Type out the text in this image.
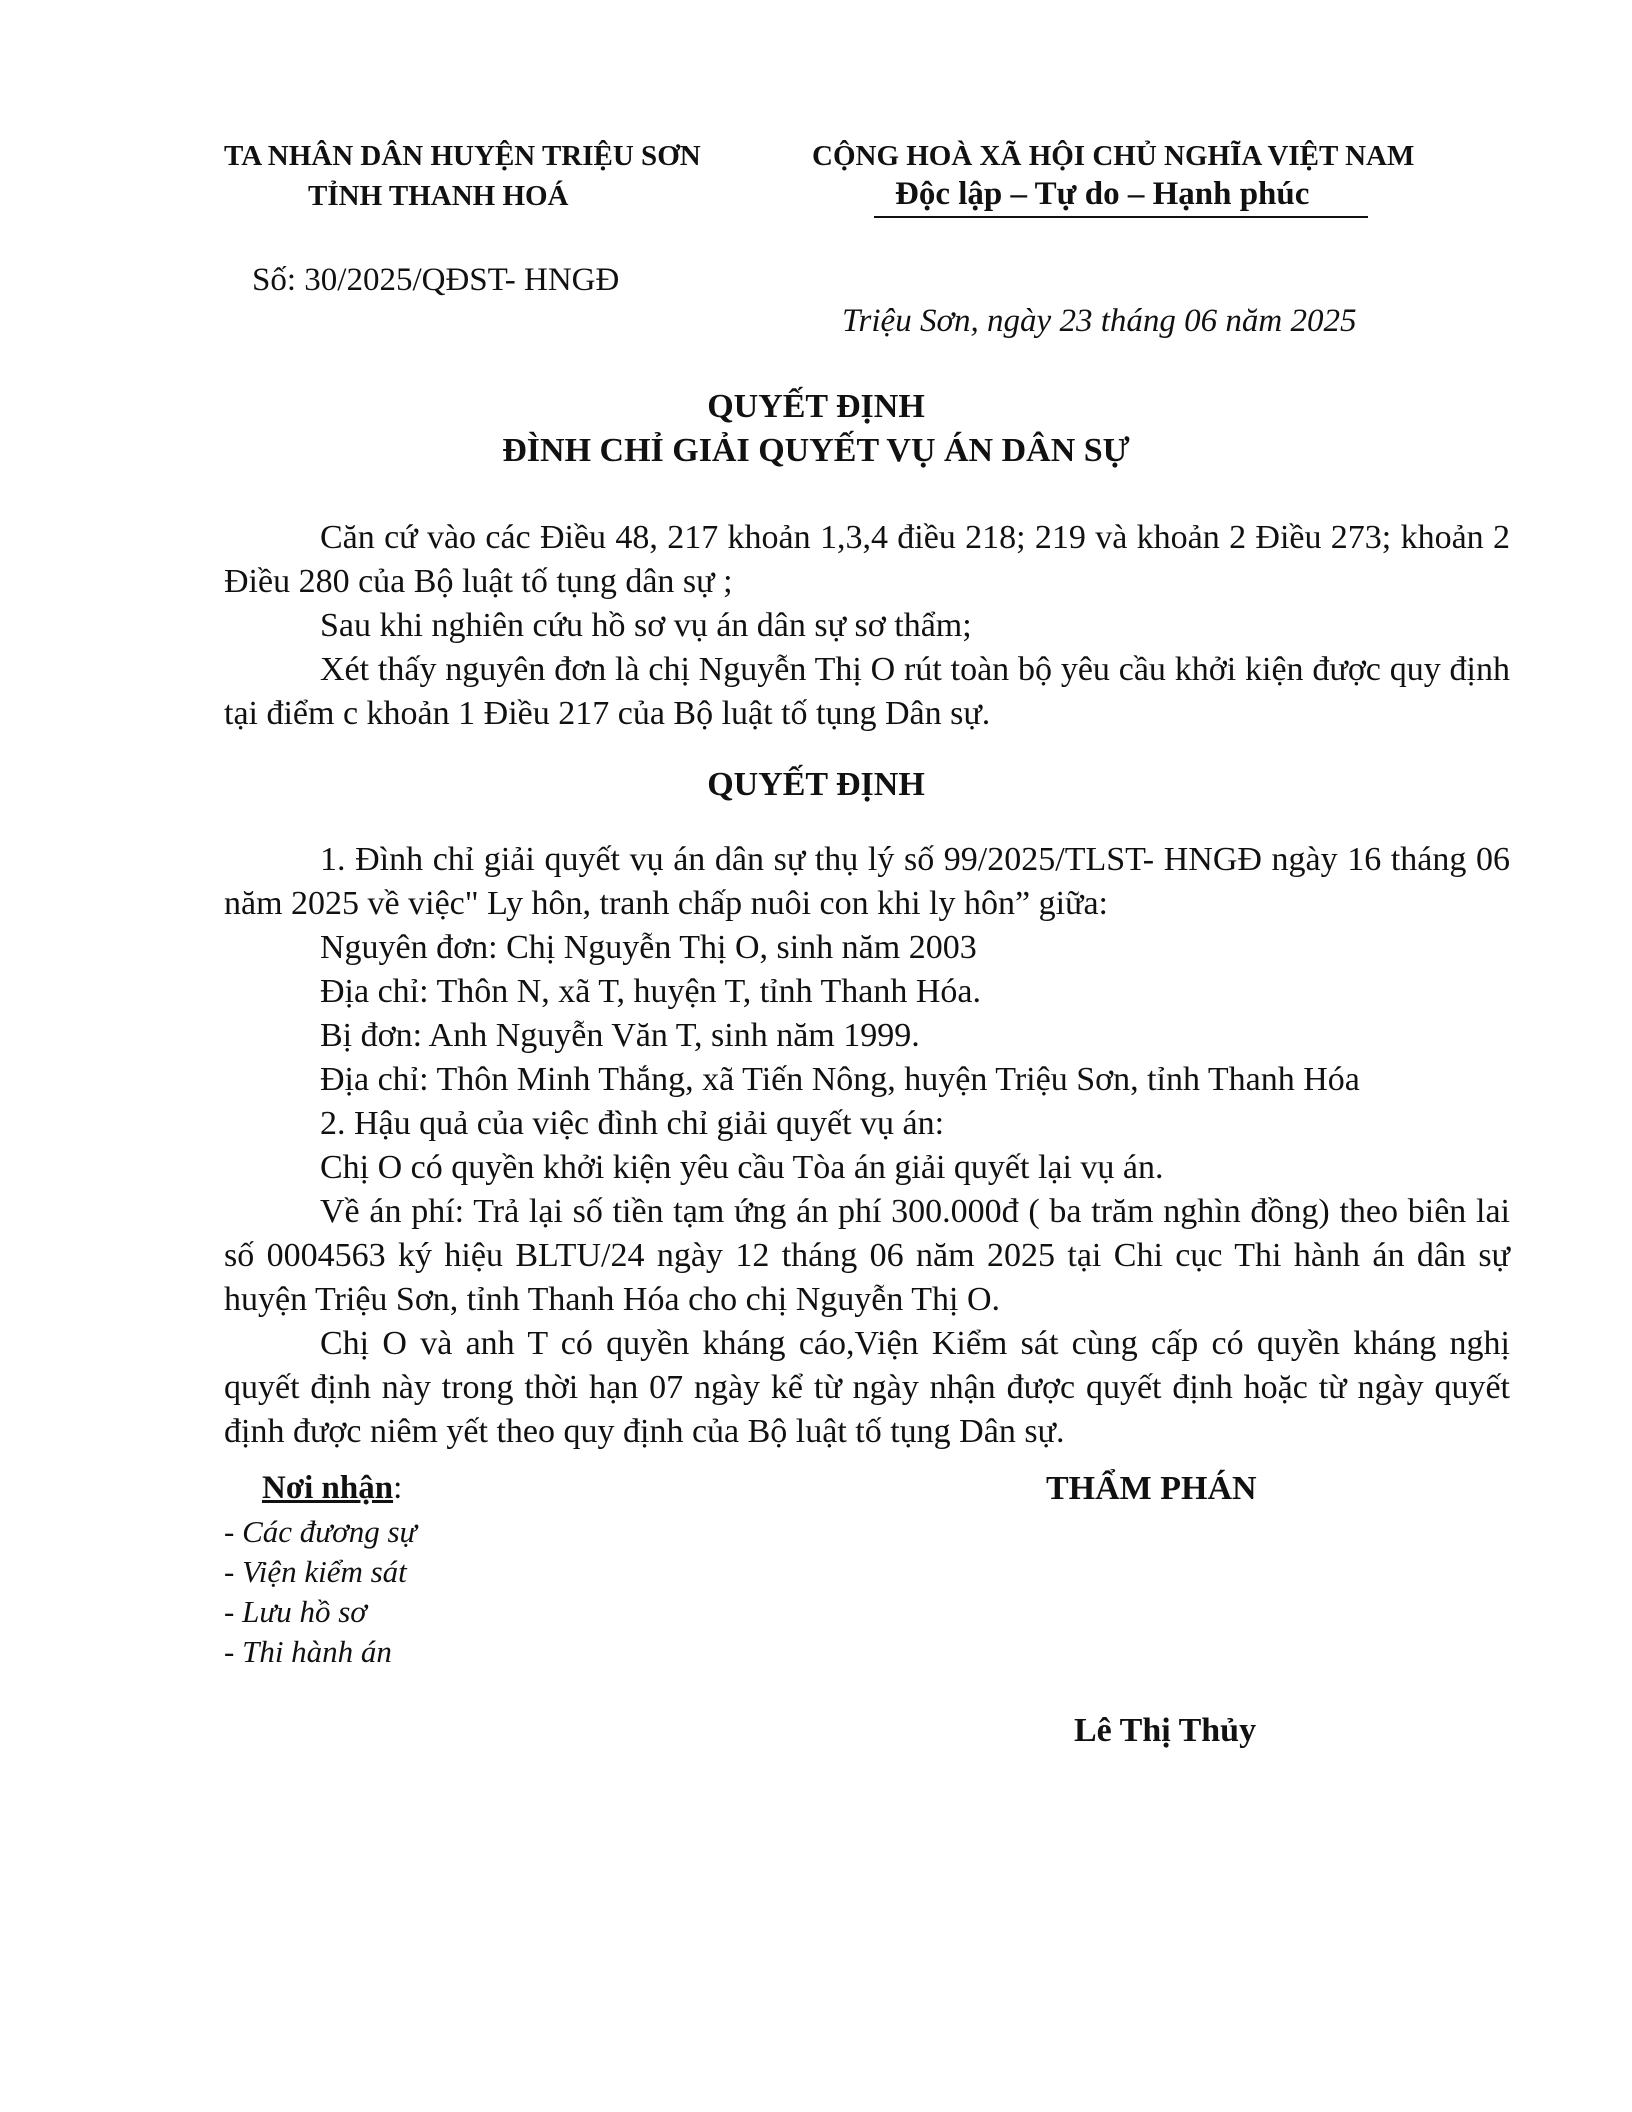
TA NHÂN DÂN HUYỆN TRIỆU SƠN
TỈNH THANH HOÁ
CỘNG HOÀ XÃ HỘI CHỦ NGHĨA VIỆT NAM
Độc lập – Tự do – Hạnh phúc
Số: 30/2025/QĐST- HNGĐ
Triệu Sơn, ngày 23 tháng 06 năm 2025
QUYẾT ĐỊNH
ĐÌNH CHỈ GIẢI QUYẾT VỤ ÁN DÂN SỰ

Căn cứ vào các Điều 48, 217 khoản 1,3,4 điều 218; 219 và khoản 2 Điều 273; khoản 2 Điều 280 của Bộ luật tố tụng dân sự ;

Sau khi nghiên cứu hồ sơ vụ án dân sự sơ thẩm;

Xét thấy nguyên đơn là chị Nguyễn Thị O rút toàn bộ yêu cầu khởi kiện được quy định tại điểm c khoản 1 Điều 217 của Bộ luật tố tụng Dân sự.

QUYẾT ĐỊNH

1. Đình chỉ giải quyết vụ án dân sự thụ lý số 99/2025/TLST- HNGĐ ngày 16 tháng 06 năm 2025 về việc" Ly hôn, tranh chấp nuôi con khi ly hôn” giữa:

Nguyên đơn: Chị Nguyễn Thị O, sinh năm 2003

Địa chỉ: Thôn N, xã T, huyện T, tỉnh Thanh Hóa.

Bị đơn: Anh Nguyễn Văn T, sinh năm 1999.

Địa chỉ: Thôn Minh Thắng, xã Tiến Nông, huyện Triệu Sơn, tỉnh Thanh Hóa

2. Hậu quả của việc đình chỉ giải quyết vụ án:

Chị O có quyền khởi kiện yêu cầu Tòa án giải quyết lại vụ án.

Về án phí: Trả lại số tiền tạm ứng án phí 300.000đ ( ba trăm nghìn đồng) theo biên lai số 0004563 ký hiệu BLTU/24 ngày 12 tháng 06 năm 2025 tại Chi cục Thi hành án dân sự huyện Triệu Sơn, tỉnh Thanh Hóa cho chị Nguyễn Thị O.

Chị O và anh T có quyền kháng cáo,Viện Kiểm sát cùng cấp có quyền kháng nghị quyết định này trong thời hạn 07 ngày kể từ ngày nhận được quyết định hoặc từ ngày quyết định được niêm yết theo quy định của Bộ luật tố tụng Dân sự.

Nơi nhận:
- Các đương sự
- Viện kiểm sát
- Lưu hồ sơ
- Thi hành án
THẨM PHÁN
Lê Thị Thủy
